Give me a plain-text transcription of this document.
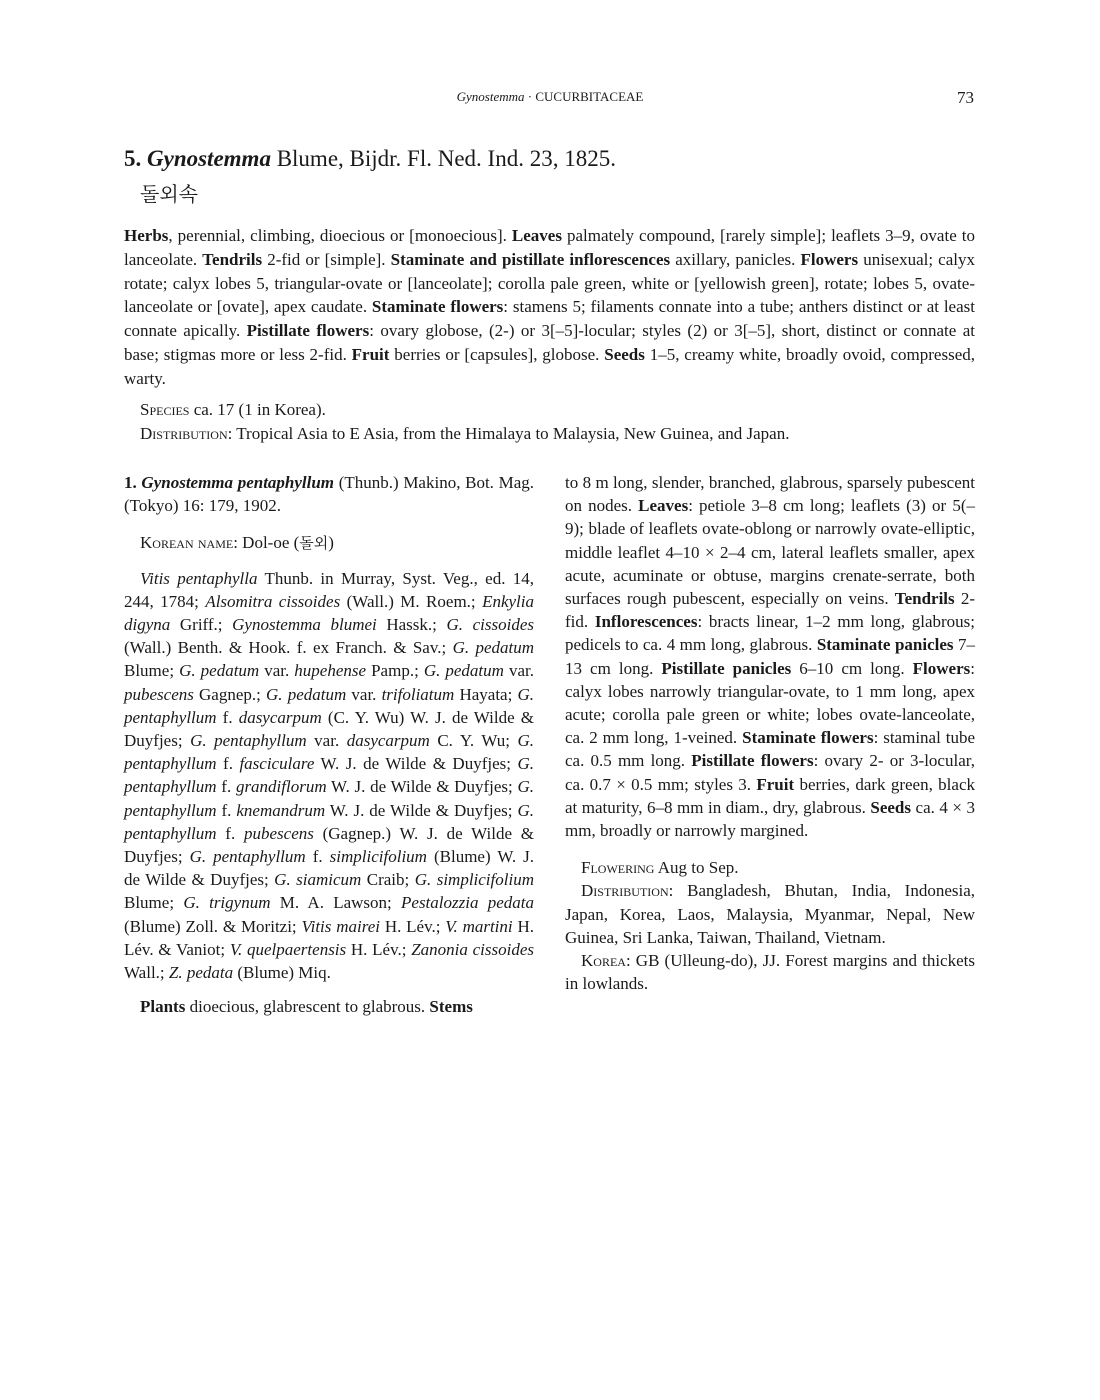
Gynostemma · CUCURBITACEAE	73
5. Gynostemma Blume, Bijdr. Fl. Ned. Ind. 23, 1825.
돌외속
Herbs, perennial, climbing, dioecious or [monoecious]. Leaves palmately compound, [rarely simple]; leaflets 3–9, ovate to lanceolate. Tendrils 2-fid or [simple]. Staminate and pistillate inflorescences axillary, panicles. Flowers unisexual; calyx rotate; calyx lobes 5, triangular-ovate or [lanceolate]; corolla pale green, white or [yellowish green], rotate; lobes 5, ovate-lanceolate or [ovate], apex caudate. Staminate flowers: stamens 5; filaments connate into a tube; anthers distinct or at least connate apically. Pistillate flowers: ovary globose, (2-) or 3[–5]-locular; styles (2) or 3[–5], short, distinct or connate at base; stigmas more or less 2-fid. Fruit berries or [capsules], globose. Seeds 1–5, creamy white, broadly ovoid, compressed, warty.
Species ca. 17 (1 in Korea).
Distribution: Tropical Asia to E Asia, from the Himalaya to Malaysia, New Guinea, and Japan.

1. Gynostemma pentaphyllum (Thunb.) Makino, Bot. Mag. (Tokyo) 16: 179, 1902.

Korean name: Dol-oe (돌외)

Vitis pentaphylla Thunb. in Murray, Syst. Veg., ed. 14, 244, 1784; Alsomitra cissoides (Wall.) M. Roem.; Enkylia digyna Griff.; Gynostemma blumei Hassk.; G. cissoides (Wall.) Benth. & Hook. f. ex Franch. & Sav.; G. pedatum Blume; G. pedatum var. hupehense Pamp.; G. pedatum var. pubescens Gagnep.; G. pedatum var. trifoliatum Hayata; G. pentaphyllum f. dasycarpum (C. Y. Wu) W. J. de Wilde & Duyfjes; G. pentaphyllum var. dasycarpum C. Y. Wu; G. pentaphyllum f. fasciculare W. J. de Wilde & Duyfjes; G. pentaphyllum f. grandiflorum W. J. de Wilde & Duyfjes; G. pentaphyllum f. knemandrum W. J. de Wilde & Duyfjes; G. pentaphyllum f. pubescens (Gagnep.) W. J. de Wilde & Duyfjes; G. pentaphyllum f. simplicifolium (Blume) W. J. de Wilde & Duyfjes; G. siamicum Craib; G. simplicifolium Blume; G. trigynum M. A. Lawson; Pestalozzia pedata (Blume) Zoll. & Moritzi; Vitis mairei H. Lév.; V. martini H. Lév. & Vaniot; V. quelpaertensis H. Lév.; Zanonia cissoides Wall.; Z. pedata (Blume) Miq.

Plants dioecious, glabrescent to glabrous. Stems

to 8 m long, slender, branched, glabrous, sparsely pubescent on nodes. Leaves: petiole 3–8 cm long; leaflets (3) or 5(–9); blade of leaflets ovate-oblong or narrowly ovate-elliptic, middle leaflet 4–10 × 2–4 cm, lateral leaflets smaller, apex acute, acuminate or obtuse, margins crenate-serrate, both surfaces rough pubescent, especially on veins. Tendrils 2-fid. Inflorescences: bracts linear, 1–2 mm long, glabrous; pedicels to ca. 4 mm long, glabrous. Staminate panicles 7–13 cm long. Pistillate panicles 6–10 cm long. Flowers: calyx lobes narrowly triangular-ovate, to 1 mm long, apex acute; corolla pale green or white; lobes ovate-lanceolate, ca. 2 mm long, 1-veined. Staminate flowers: staminal tube ca. 0.5 mm long. Pistillate flowers: ovary 2- or 3-locular, ca. 0.7 × 0.5 mm; styles 3. Fruit berries, dark green, black at maturity, 6–8 mm in diam., dry, glabrous. Seeds ca. 4 × 3 mm, broadly or narrowly margined.

Flowering Aug to Sep.

Distribution: Bangladesh, Bhutan, India, Indonesia, Japan, Korea, Laos, Malaysia, Myanmar, Nepal, New Guinea, Sri Lanka, Taiwan, Thailand, Vietnam.

Korea: GB (Ulleung-do), JJ. Forest margins and thickets in lowlands.
